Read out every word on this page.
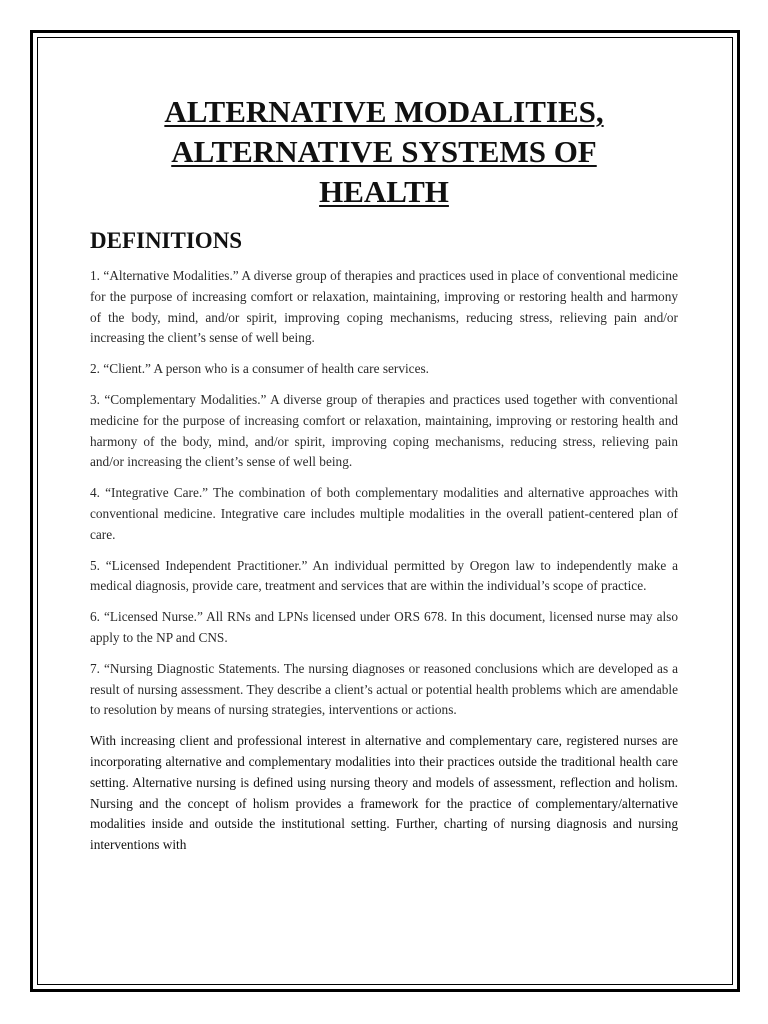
ALTERNATIVE MODALITIES,
ALTERNATIVE SYSTEMS OF
HEALTH
DEFINITIONS

1. “Alternative Modalities.” A diverse group of therapies and practices used in place of conventional medicine for the purpose of increasing comfort or relaxation, maintaining, improving or restoring health and harmony of the body, mind, and/or spirit, improving coping mechanisms, reducing stress, relieving pain and/or increasing the client’s sense of well being.

2. “Client.” A person who is a consumer of health care services.

3. “Complementary Modalities.” A diverse group of therapies and practices used together with conventional medicine for the purpose of increasing comfort or relaxation, maintaining, improving or restoring health and harmony of the body, mind, and/or spirit, improving coping mechanisms, reducing stress, relieving pain and/or increasing the client’s sense of well being.

4. “Integrative Care.” The combination of both complementary modalities and alternative approaches with conventional medicine. Integrative care includes multiple modalities in the overall patient-centered plan of care.

5. “Licensed Independent Practitioner.” An individual permitted by Oregon law to independently make a medical diagnosis, provide care, treatment and services that are within the individual’s scope of practice.

6. “Licensed Nurse.” All RNs and LPNs licensed under ORS 678. In this document, licensed nurse may also apply to the NP and CNS.

7. “Nursing Diagnostic Statements. The nursing diagnoses or reasoned conclusions which are developed as a result of nursing assessment. They describe a client’s actual or potential health problems which are amendable to resolution by means of nursing strategies, interventions or actions.

With increasing client and professional interest in alternative and complementary care, registered nurses are incorporating alternative and complementary modalities into their practices outside the traditional health care setting. Alternative nursing is defined using nursing theory and models of assessment, reflection and holism. Nursing and the concept of holism provides a framework for the practice of complementary/alternative modalities inside and outside the institutional setting. Further, charting of nursing diagnosis and nursing interventions with
